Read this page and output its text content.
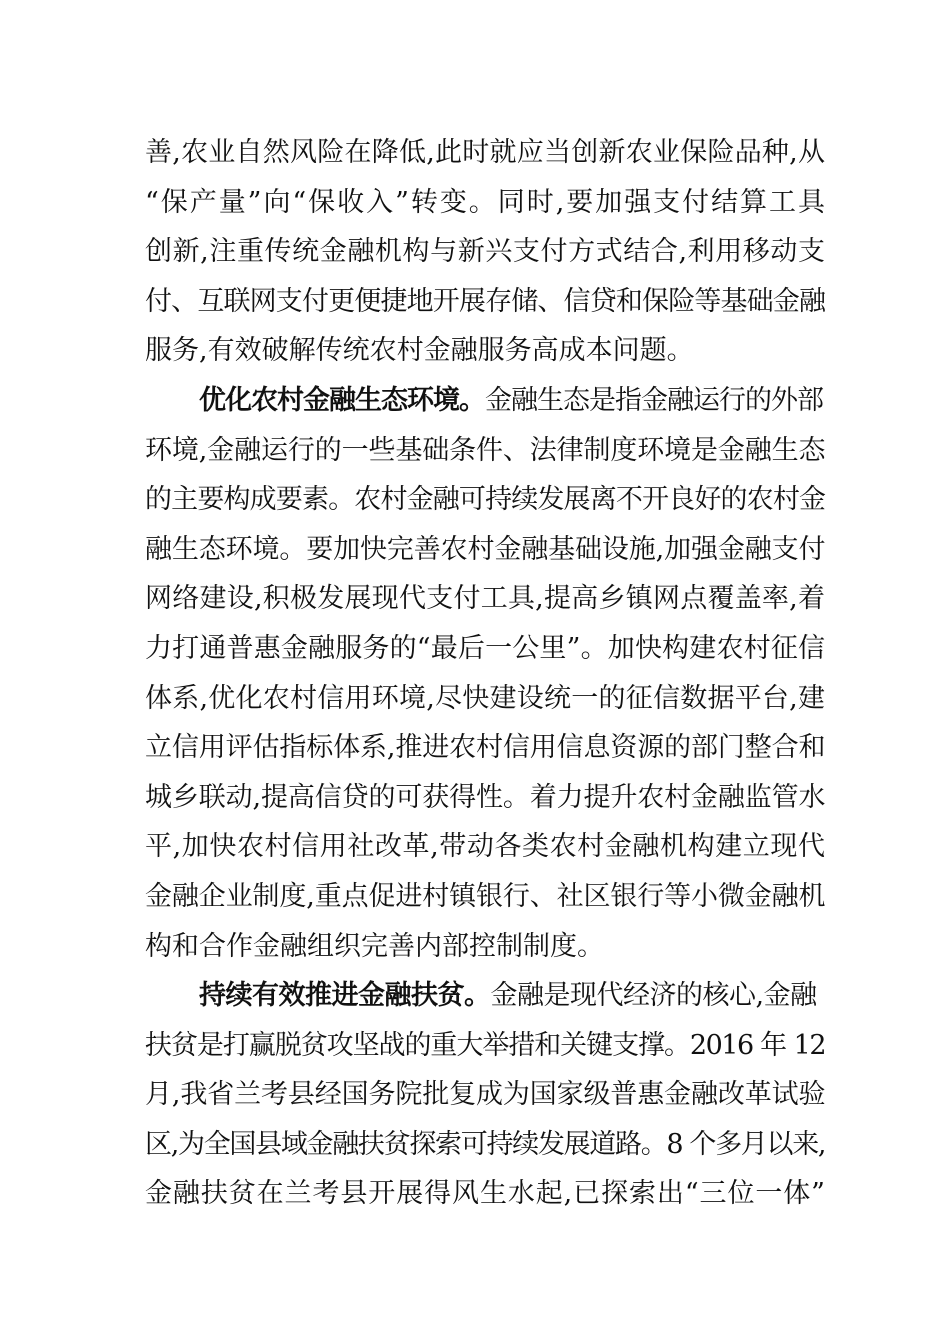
善,农业自然风险在降低,此时就应当创新农业保险品种,从
“保产量”向“保收入”转变。同时,要加强支付结算工具
创新,注重传统金融机构与新兴支付方式结合,利用移动支
付、互联网支付更便捷地开展存储、信贷和保险等基础金融
服务,有效破解传统农村金融服务高成本问题。
优化农村金融生态环境。金融生态是指金融运行的外部
环境,金融运行的一些基础条件、法律制度环境是金融生态
的主要构成要素。农村金融可持续发展离不开良好的农村金
融生态环境。要加快完善农村金融基础设施,加强金融支付
网络建设,积极发展现代支付工具,提高乡镇网点覆盖率,着
力打通普惠金融服务的“最后一公里”。加快构建农村征信
体系,优化农村信用环境,尽快建设统一的征信数据平台,建
立信用评估指标体系,推进农村信用信息资源的部门整合和
城乡联动,提高信贷的可获得性。着力提升农村金融监管水
平,加快农村信用社改革,带动各类农村金融机构建立现代
金融企业制度,重点促进村镇银行、社区银行等小微金融机
构和合作金融组织完善内部控制制度。
持续有效推进金融扶贫。金融是现代经济的核心,金融
扶贫是打赢脱贫攻坚战的重大举措和关键支撑。2016 年 12
月,我省兰考县经国务院批复成为国家级普惠金融改革试验
区,为全国县域金融扶贫探索可持续发展道路。8 个多月以来,
金融扶贫在兰考县开展得风生水起,已探索出“三位一体”
